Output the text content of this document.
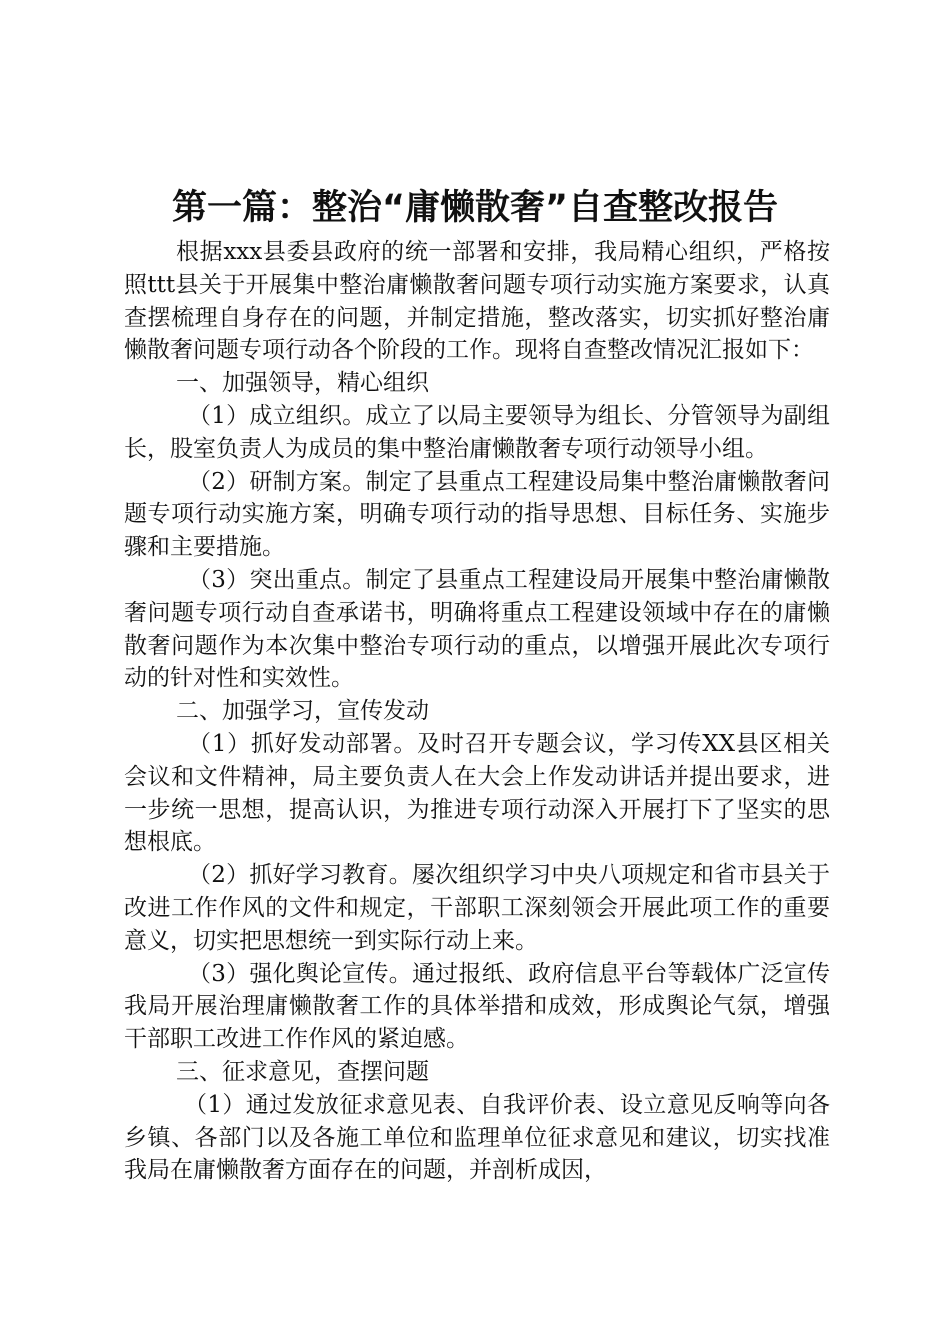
第一篇：整治“庸懒散奢”自查整改报告

根据xxx县委县政府的统一部署和安排，我局精心组织，严格按照ttt县关于开展集中整治庸懒散奢问题专项行动实施方案要求，认真查摆梳理自身存在的问题，并制定措施，整改落实，切实抓好整治庸懒散奢问题专项行动各个阶段的工作。现将自查整改情况汇报如下：

一、加强领导，精心组织

（1）成立组织。成立了以局主要领导为组长、分管领导为副组长，股室负责人为成员的集中整治庸懒散奢专项行动领导小组。

（2）研制方案。制定了县重点工程建设局集中整治庸懒散奢问题专项行动实施方案，明确专项行动的指导思想、目标任务、实施步骤和主要措施。

（3）突出重点。制定了县重点工程建设局开展集中整治庸懒散奢问题专项行动自查承诺书，明确将重点工程建设领域中存在的庸懒散奢问题作为本次集中整治专项行动的重点，以增强开展此次专项行动的针对性和实效性。

二、加强学习，宣传发动

（1）抓好发动部署。及时召开专题会议，学习传XX县区相关会议和文件精神，局主要负责人在大会上作发动讲话并提出要求，进一步统一思想，提高认识，为推进专项行动深入开展打下了坚实的思想根底。

（2）抓好学习教育。屡次组织学习中央八项规定和省市县关于改进工作作风的文件和规定，干部职工深刻领会开展此项工作的重要意义，切实把思想统一到实际行动上来。

（3）强化舆论宣传。通过报纸、政府信息平台等载体广泛宣传我局开展治理庸懒散奢工作的具体举措和成效，形成舆论气氛，增强干部职工改进工作作风的紧迫感。

三、征求意见，查摆问题

（1）通过发放征求意见表、自我评价表、设立意见反响等向各乡镇、各部门以及各施工单位和监理单位征求意见和建议，切实找准我局在庸懒散奢方面存在的问题，并剖析成因，
